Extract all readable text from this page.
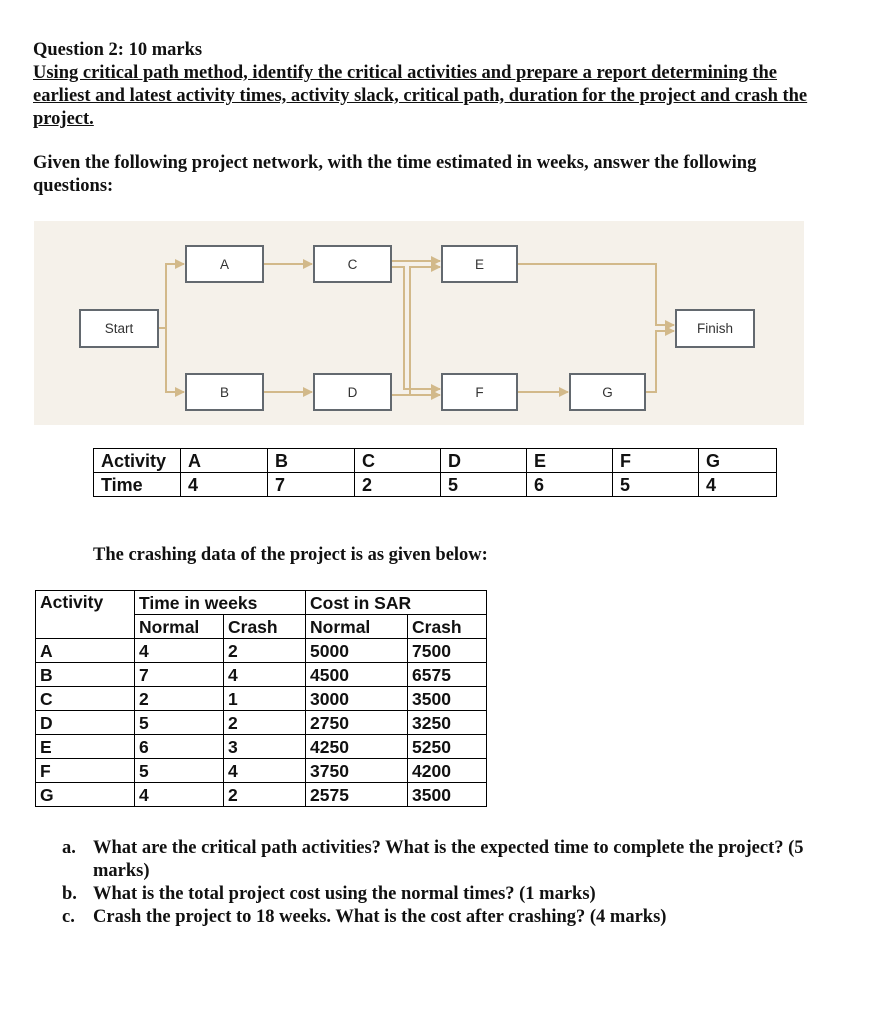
Question 2: 10 marks
Using critical path method, identify the critical activities and prepare a report determining the earliest and latest activity times, activity slack, critical path, duration for the project and crash the project.
Given the following project network, with the time estimated in weeks, answer the following questions:
Start
A	C	E
B	D	F	G
Finish
Activity	A	B	C	D	E	F	G
Time	4	7	2	5	6	5	4
The crashing data of the project is as given below:
Activity	Time in weeks		Cost in SAR	
	Normal	Crash	Normal	Crash
A	4	2	5000	7500
B	7	4	4500	6575
C	2	1	3000	3500
D	5	2	2750	3250
E	6	3	4250	5250
F	5	4	3750	4200
G	4	2	2575	3500
a. What are the critical path activities? What is the expected time to complete the project? (5 marks)
b. What is the total project cost using the normal times? (1 marks)
c. Crash the project to 18 weeks. What is the cost after crashing? (4 marks)
